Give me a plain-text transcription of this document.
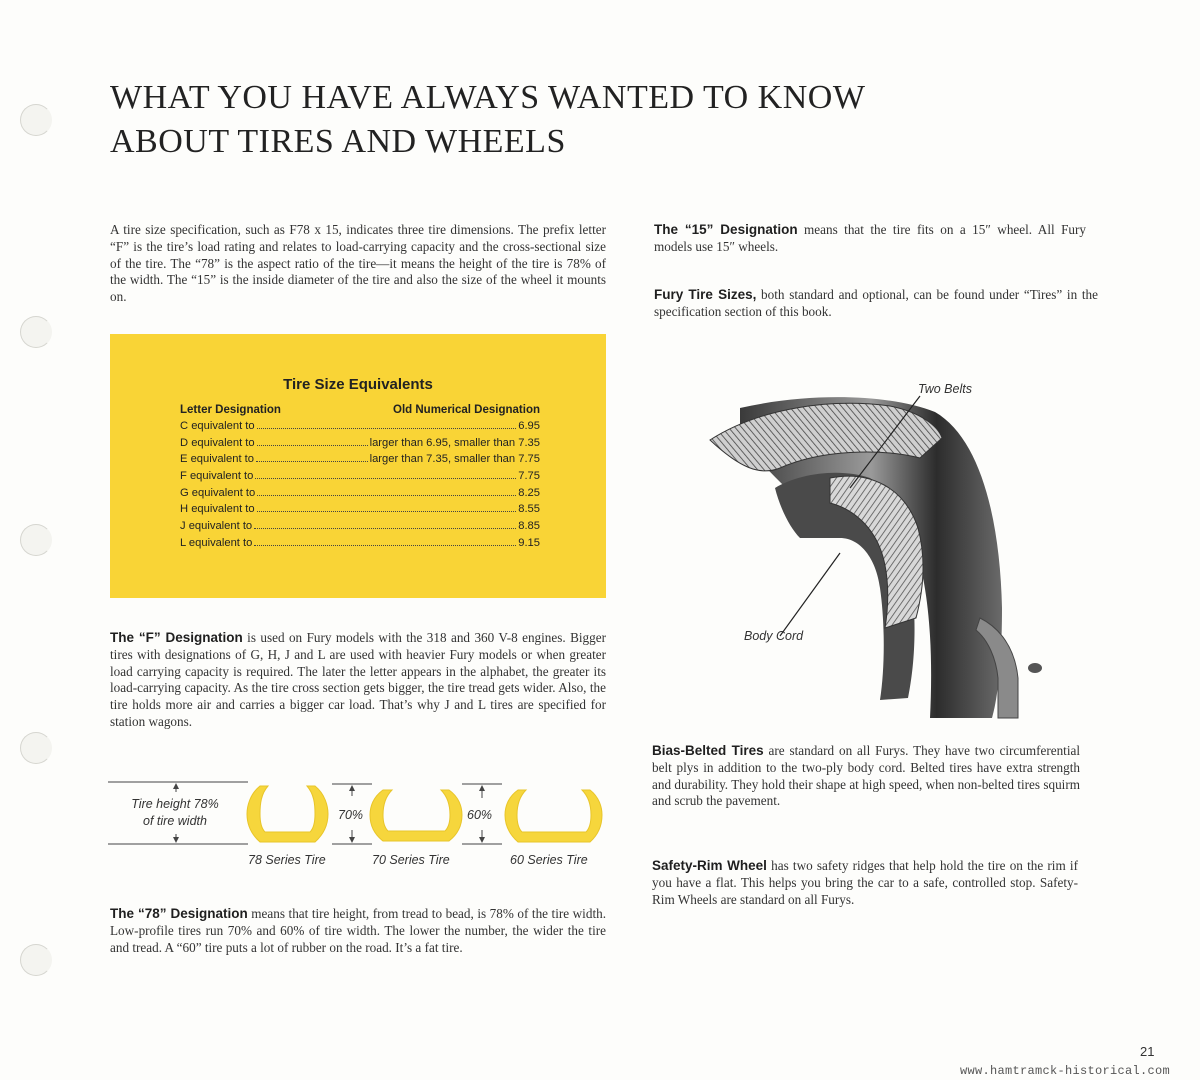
WHAT YOU HAVE ALWAYS WANTED TO KNOW
ABOUT TIRES AND WHEELS

A tire size specification, such as F78 x 15, indicates three tire dimensions. The prefix letter “F” is the tire’s load rating and relates to load-carrying capacity and the cross-sectional size of the tire. The “78” is the aspect ratio of the tire—it means the height of the tire is 78% of the width. The “15” is the inside diameter of the tire and also the size of the wheel it mounts on.

Tire Size Equivalents
Letter Designation	Old Numerical Designation
C equivalent to	6.95
D equivalent to	larger than 6.95, smaller than 7.35
E equivalent to	larger than 7.35, smaller than 7.75
F equivalent to	7.75
G equivalent to	8.25
H equivalent to	8.55
J equivalent to	8.85
L equivalent to	9.15

The “F” Designation is used on Fury models with the 318 and 360 V-8 engines. Bigger tires with designations of G, H, J and L are used with heavier Fury models or when greater load carrying capacity is required. The later the letter appears in the alphabet, the greater its load-carrying capacity. As the tire cross section gets bigger, the tire tread gets wider. Also, the tire holds more air and carries a bigger car load. That’s why J and L tires are specified for station wagons.

Tire height 78%
of tire width	70%	60%
78 Series Tire	70 Series Tire	60 Series Tire

The “78” Designation means that tire height, from tread to bead, is 78% of the tire width. Low-profile tires run 70% and 60% of tire width. The lower the number, the wider the tire and tread. A “60” tire puts a lot of rubber on the road. It’s a fat tire.

The “15” Designation means that the tire fits on a 15″ wheel. All Fury models use 15″ wheels.

Fury Tire Sizes, both standard and optional, can be found under “Tires” in the specification section of this book.

Two Belts
Body Cord

Bias-Belted Tires are standard on all Furys. They have two circumferential belt plys in addition to the two-ply body cord. Belted tires have extra strength and durability. They hold their shape at high speed, when non-belted tires squirm and scrub the pavement.

Safety-Rim Wheel has two safety ridges that help hold the tire on the rim if you have a flat. This helps you bring the car to a safe, controlled stop. Safety-Rim Wheels are standard on all Furys.

21
www.hamtramck-historical.com
